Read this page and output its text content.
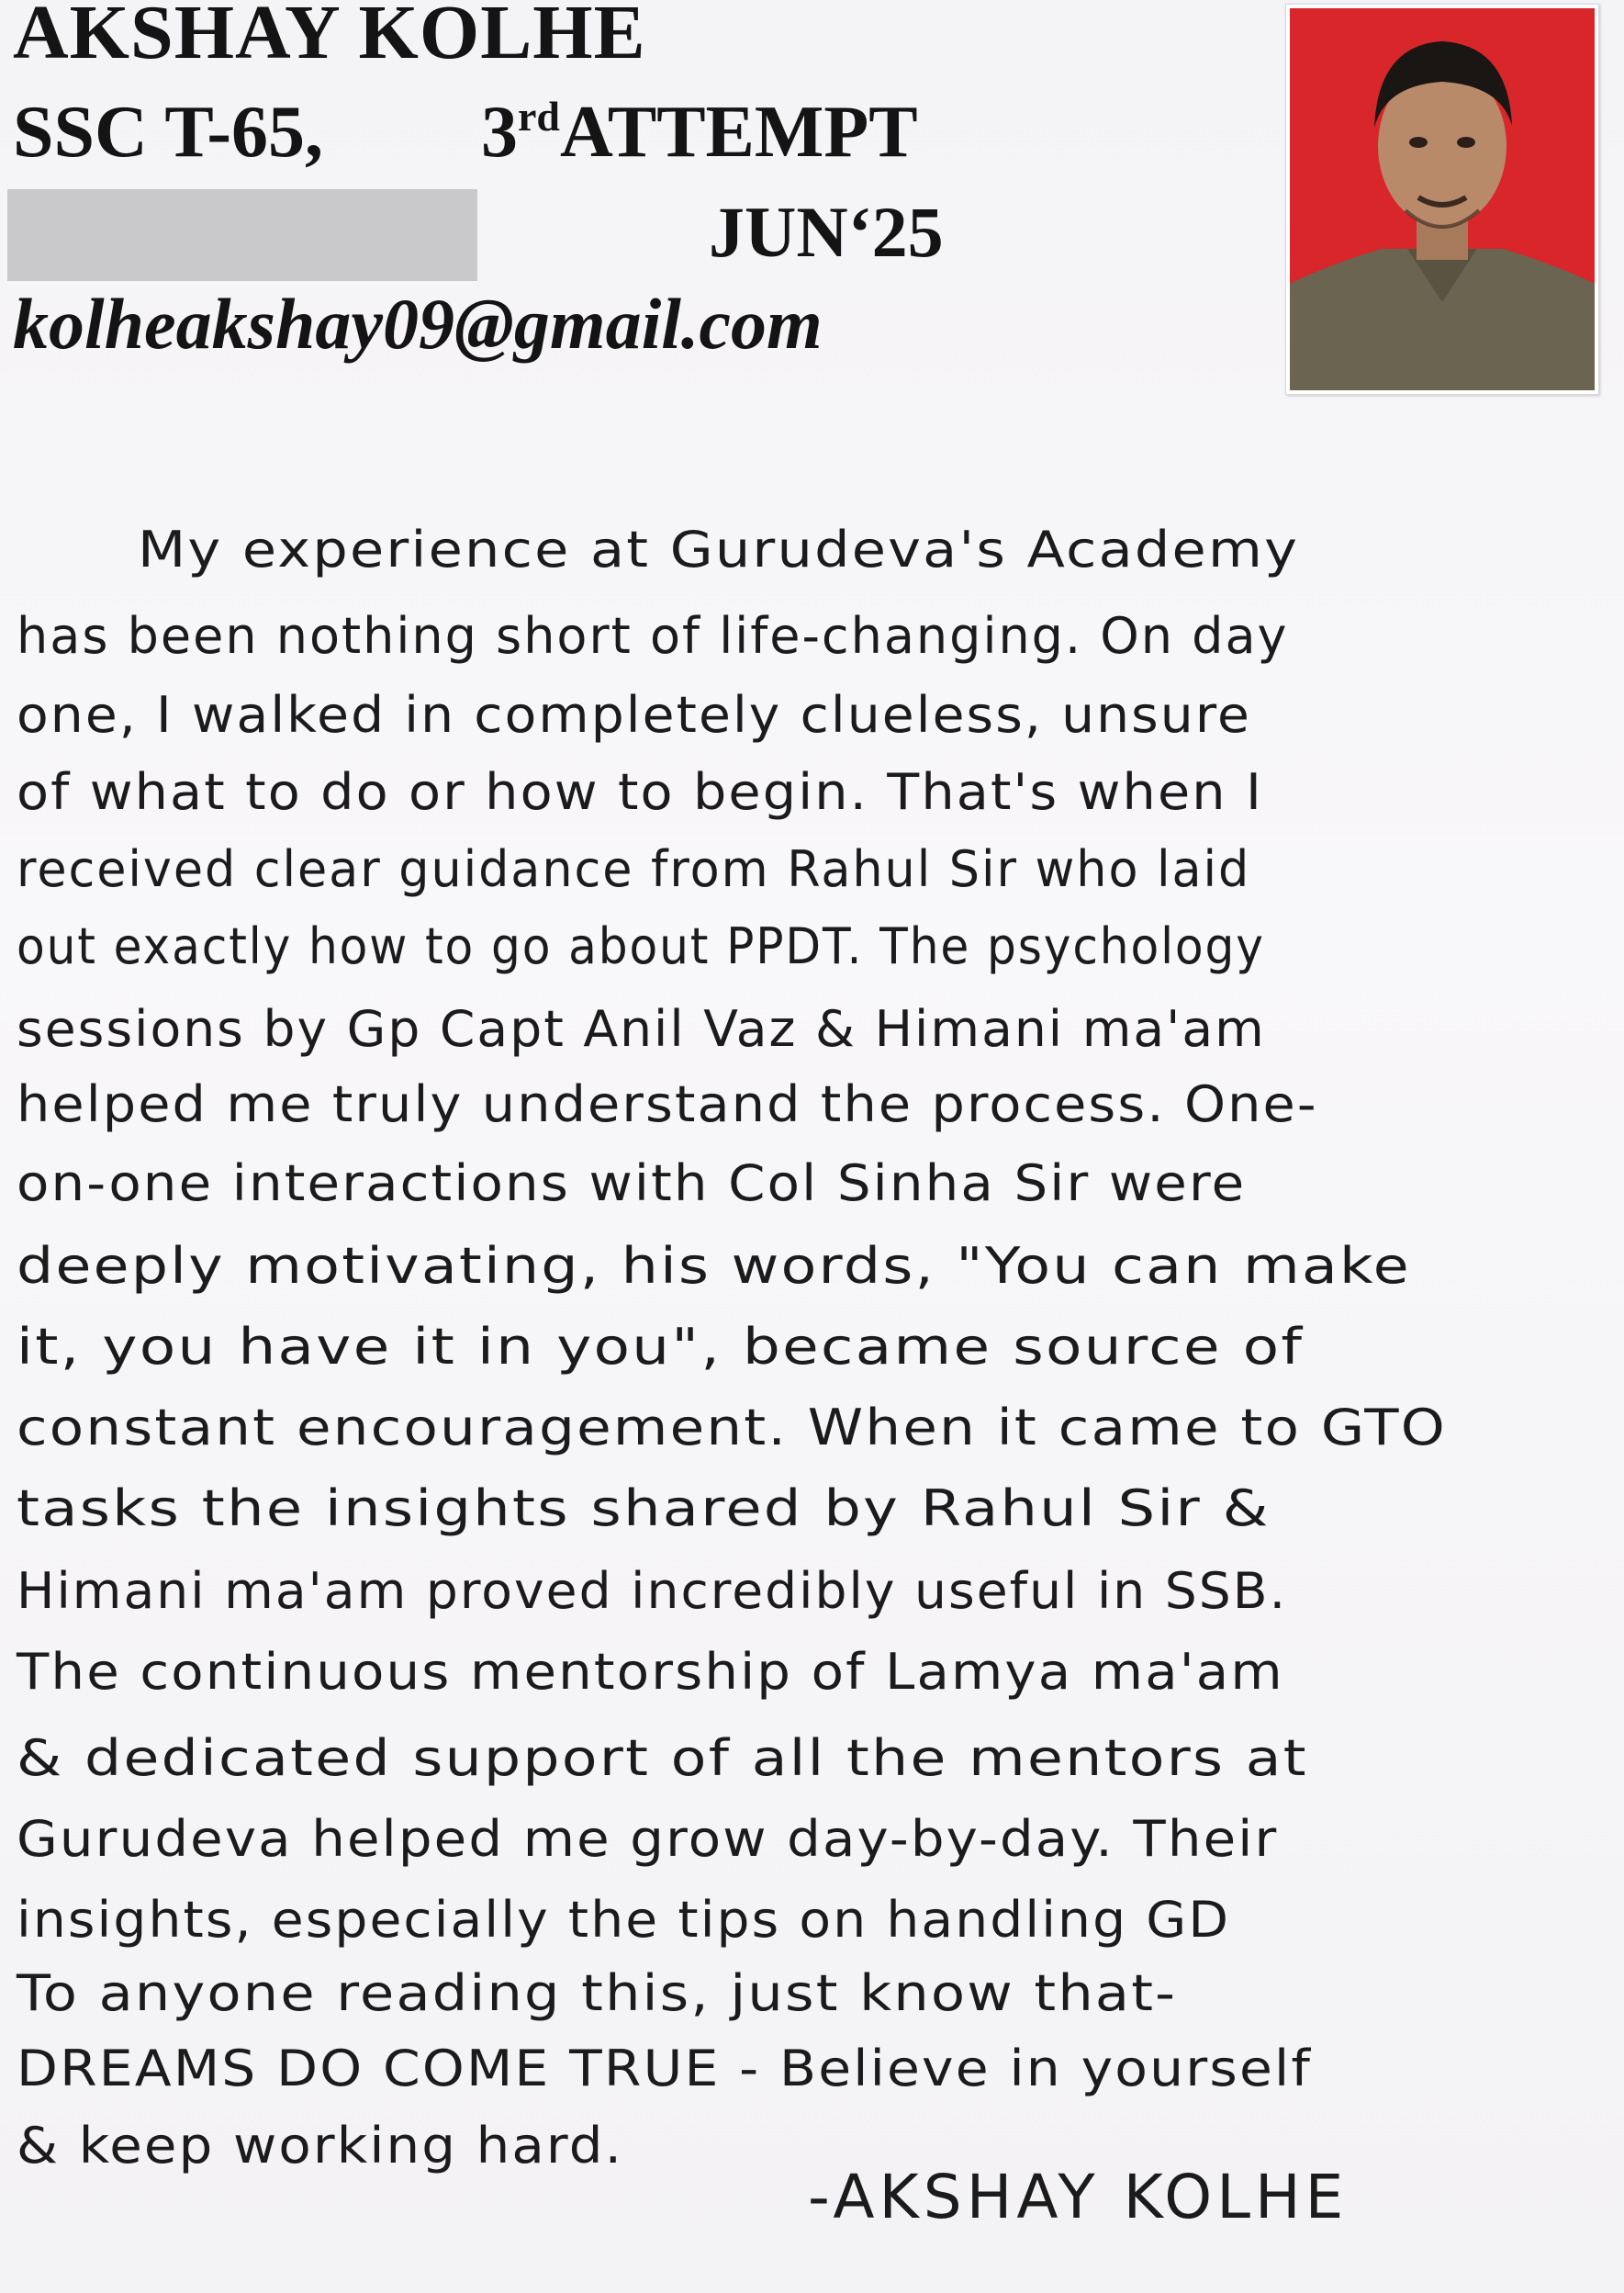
AKSHAY KOLHE
SSC T-65, 3rdATTEMPT
JUN‘25
kolheakshay09@gmail.com
My experience at Gurudeva's Academy
has been nothing short of life-changing. On day
one, I walked in completely clueless, unsure
of what to do or how to begin. That's when I
received clear guidance from Rahul Sir who laid
out exactly how to go about PPDT. The psychology
sessions by Gp Capt Anil Vaz & Himani ma'am
helped me truly understand the process. One-
on-one interactions with Col Sinha Sir were
deeply motivating, his words, "You can make
it, you have it in you", became source of
constant encouragement. When it came to GTO
tasks the insights shared by Rahul Sir &
Himani ma'am proved incredibly useful in SSB.
The continuous mentorship of Lamya ma'am
& dedicated support of all the mentors at
Gurudeva helped me grow day-by-day. Their
insights, especially the tips on handling GD
To anyone reading this, just know that-
DREAMS DO COME TRUE - Believe in yourself
& keep working hard.
-AKSHAY KOLHE
